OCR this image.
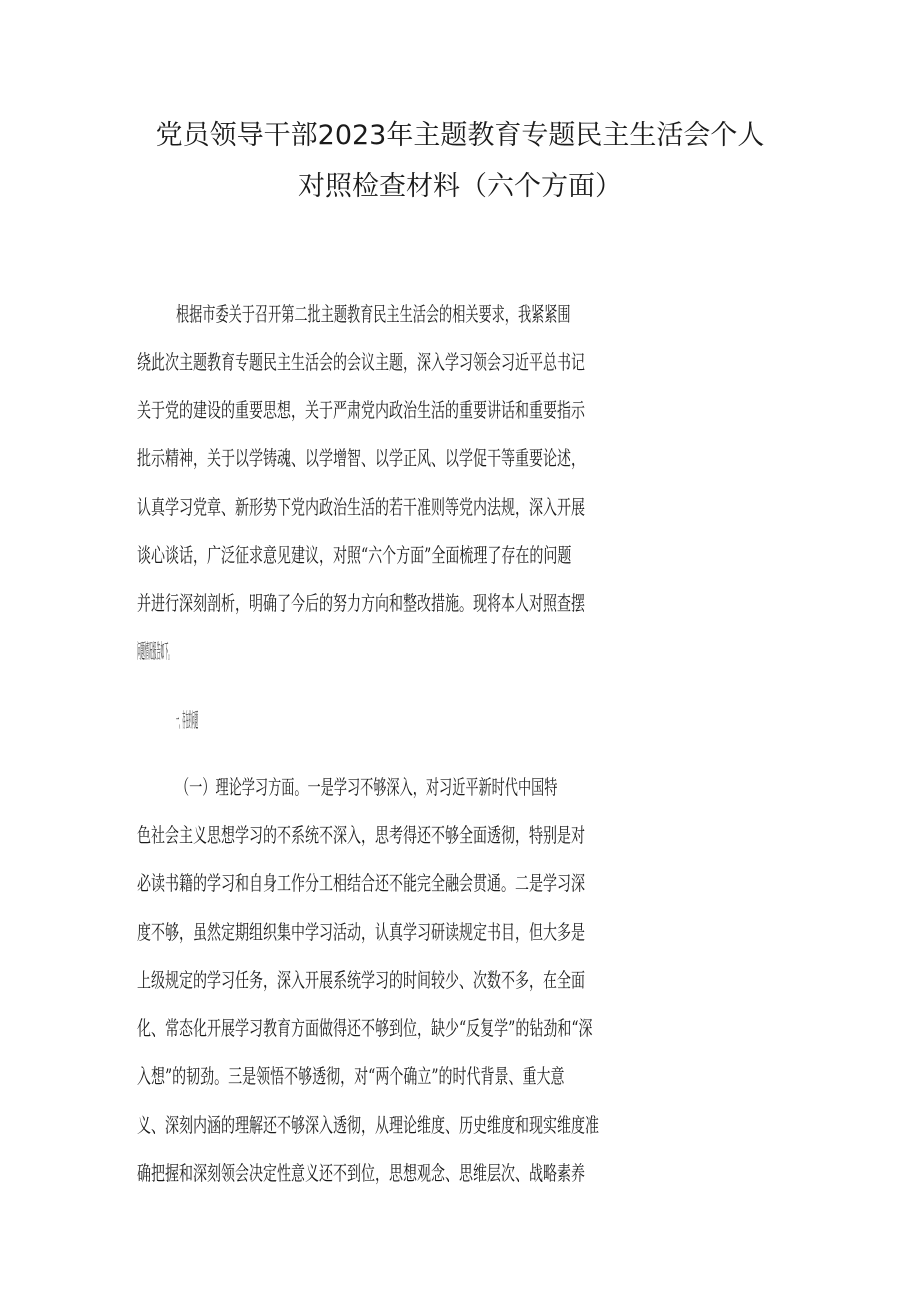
党员领导干部2023年主题教育专题民主生活会个人
对照检查材料（六个方面）
根据市委关于召开第二批主题教育民主生活会的相关要求，我紧紧围
绕此次主题教育专题民主生活会的会议主题，深入学习领会习近平总书记
关于党的建设的重要思想，关于严肃党内政治生活的重要讲话和重要指示
批示精神，关于以学铸魂、以学增智、以学正风、以学促干等重要论述，
认真学习党章、新形势下党内政治生活的若干准则等党内法规，深入开展
谈心谈话，广泛征求意见建议，对照“六个方面”全面梳理了存在的问题
并进行深刻剖析，明确了今后的努力方向和整改措施。现将本人对照查摆
问题情况报告如下。
一、存在的问题
（一）理论学习方面。一是学习不够深入，对习近平新时代中国特
色社会主义思想学习的不系统不深入，思考得还不够全面透彻，特别是对
必读书籍的学习和自身工作分工相结合还不能完全融会贯通。二是学习深
度不够，虽然定期组织集中学习活动，认真学习研读规定书目，但大多是
上级规定的学习任务，深入开展系统学习的时间较少、次数不多，在全面
化、常态化开展学习教育方面做得还不够到位，缺少“反复学”的钻劲和“深
入想”的韧劲。三是领悟不够透彻，对“两个确立”的时代背景、重大意
义、深刻内涵的理解还不够深入透彻，从理论维度、历史维度和现实维度准
确把握和深刻领会决定性意义还不到位，思想观念、思维层次、战略素养
